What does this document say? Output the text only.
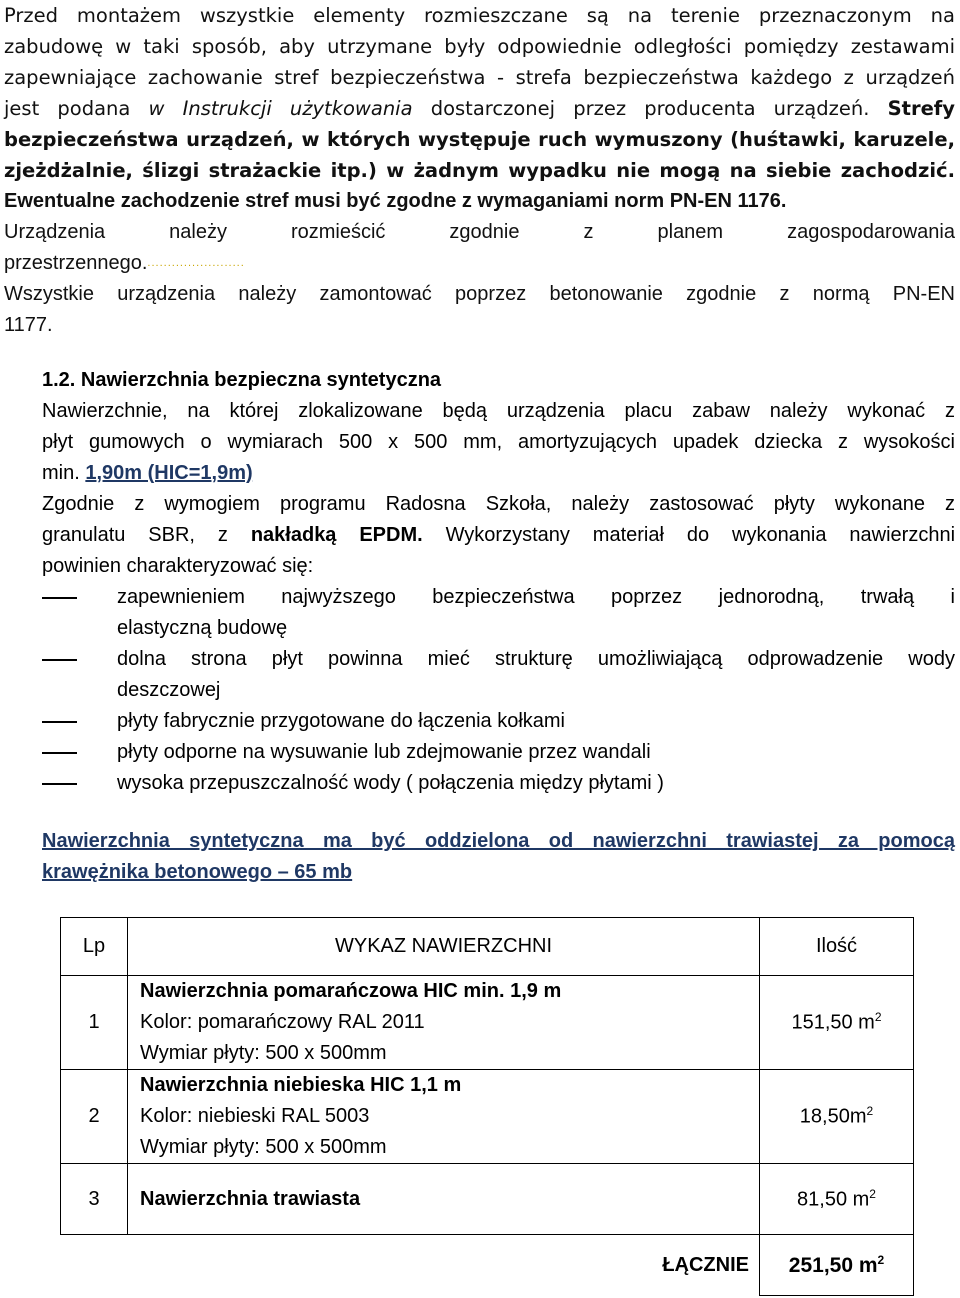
Przed montażem wszystkie elementy rozmieszczane są na terenie przeznaczonym na
zabudowę w taki sposób, aby utrzymane były odpowiednie odległości pomiędzy zestawami
zapewniające zachowanie stref bezpieczeństwa - strefa bezpieczeństwa każdego z urządzeń
jest podana w Instrukcji użytkowania dostarczonej przez producenta urządzeń. Strefy
bezpieczeństwa urządzeń, w których występuje ruch wymuszony (huśtawki, karuzele,
zjeżdżalnie, ślizgi strażackie itp.) w żadnym wypadku nie mogą na siebie zachodzić.
Ewentualne zachodzenie stref musi być zgodne z wymaganiami norm PN-EN 1176.
Urządzenia należy rozmieścić zgodnie z planem zagospodarowania
przestrzennego.........................
Wszystkie urządzenia należy zamontować poprzez betonowanie zgodnie z normą PN-EN
1177.
1.2. Nawierzchnia bezpieczna syntetyczna
Nawierzchnie, na której zlokalizowane będą urządzenia placu zabaw należy wykonać z
płyt gumowych o wymiarach 500 x 500 mm, amortyzujących upadek dziecka z wysokości
min. 1,90m (HIC=1,9m)
Zgodnie z wymogiem programu Radosna Szkoła, należy zastosować płyty wykonane z
granulatu SBR, z nakładką EPDM. Wykorzystany materiał do wykonania nawierzchni
powinien charakteryzować się:
zapewnieniem najwyższego bezpieczeństwa poprzez jednorodną, trwałą i
elastyczną budowę
dolna strona płyt powinna mieć strukturę umożliwiającą odprowadzenie wody
deszczowej
płyty fabrycznie przygotowane do łączenia kołkami
płyty odporne na wysuwanie lub zdejmowanie przez wandali
wysoka przepuszczalność wody ( połączenia między płytami )
Nawierzchnia syntetyczna ma być oddzielona od nawierzchni trawiastej za pomocą
krawężnika betonowego – 65 mb
Lp	WYKAZ NAWIERZCHNI	Ilość
1	Nawierzchnia pomarańczowa HIC min. 1,9 m
Kolor: pomarańczowy RAL 2011
Wymiar płyty: 500 x 500mm	151,50 $m^2$
2	Nawierzchnia niebieska HIC 1,1 m
Kolor: niebieski RAL 5003
Wymiar płyty: 500 x 500mm	$18,50m^2$
3	Nawierzchnia trawiasta	81,50 $m^2$
	ŁĄCZNIE	251,50 $m^2$
